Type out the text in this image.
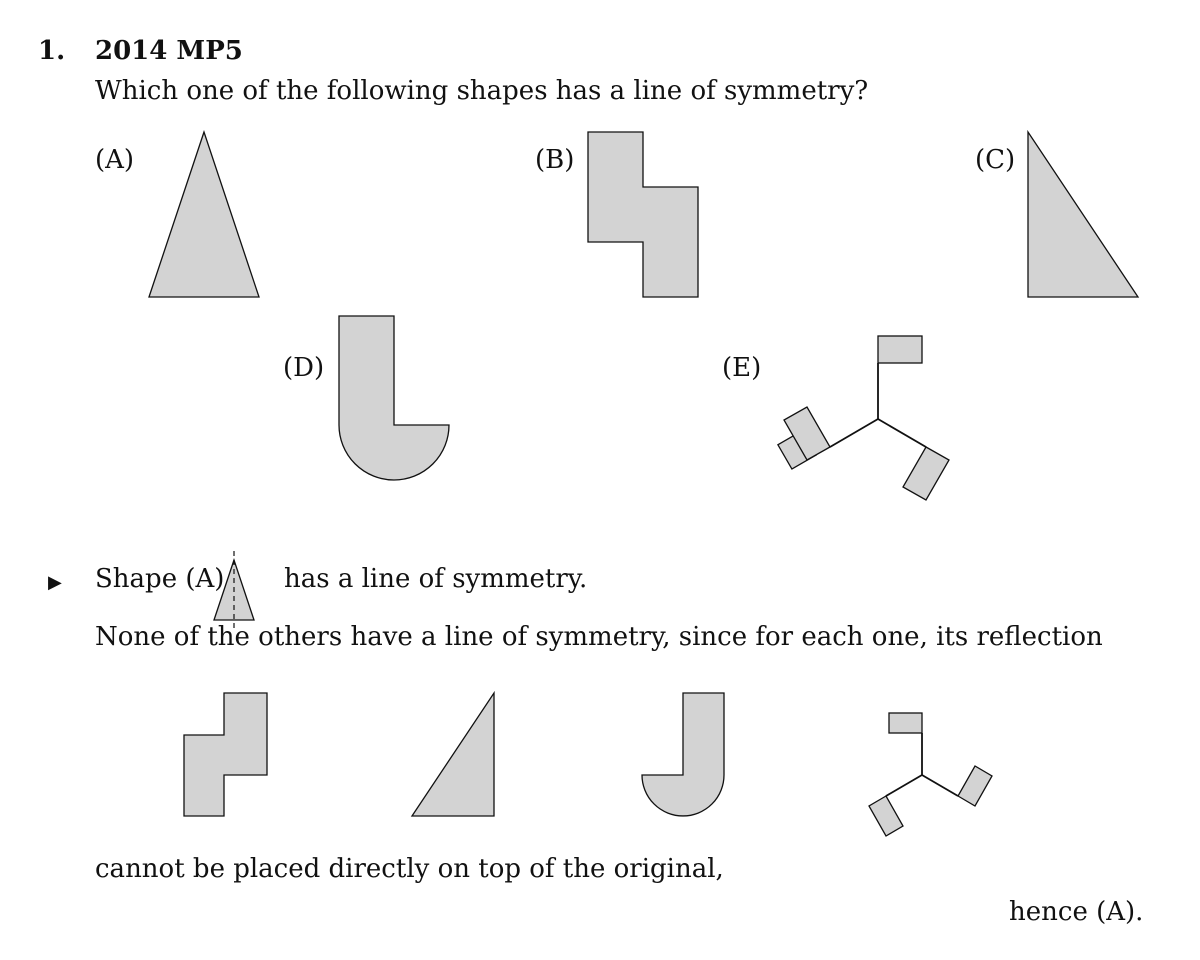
1. 2014 MP5
Which one of the following shapes has a line of symmetry?
(A)	(B)	(C)
(D)	(E)
▶ Shape (A) has a line of symmetry.
None of the others have a line of symmetry, since for each one, its reflection
cannot be placed directly on top of the original,
hence (A).
